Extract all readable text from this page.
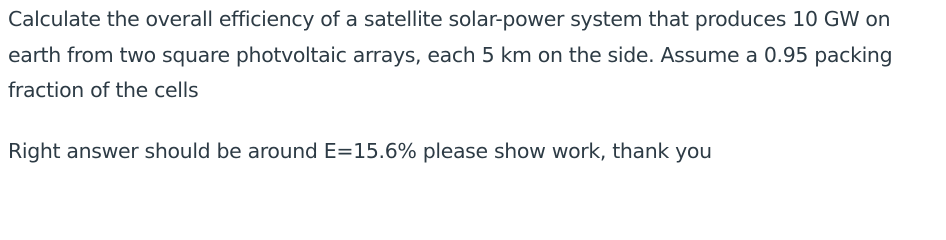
Calculate the overall efficiency of a satellite solar-power system that produces 10 GW on
earth from two square photvoltaic arrays, each 5 km on the side. Assume a 0.95 packing
fraction of the cells

Right answer should be around E=15.6% please show work, thank you
